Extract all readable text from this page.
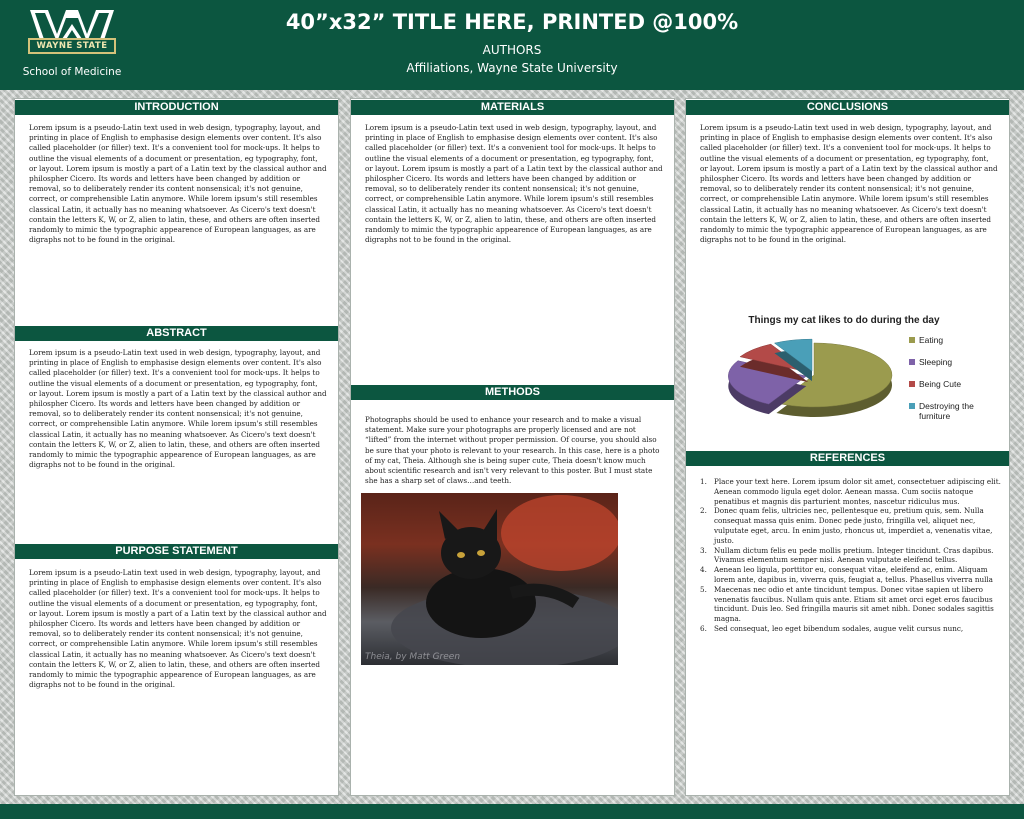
WAYNE STATE
School of Medicine
40”x32” TITLE HERE, PRINTED @100%
AUTHORS
Affiliations, Wayne State University
INTRODUCTION
Lorem ipsum is a pseudo-Latin text used in web design, typography, layout, and printing in place of English to emphasise design elements over content. It's also called placeholder (or filler) text. It's a convenient tool for mock-ups. It helps to outline the visual elements of a document or presentation, eg typography, font, or layout. Lorem ipsum is mostly a part of a Latin text by the classical author and philospher Cicero. Its words and letters have been changed by addition or removal, so to deliberately render its content nonsensical; it's not genuine, correct, or comprehensible Latin anymore. While lorem ipsum's still resembles classical Latin, it actually has no meaning whatsoever. As Cicero's text doesn't contain the letters K, W, or Z, alien to latin, these, and others are often inserted randomly to mimic the typographic appearence of European languages, as are digraphs not to be found in the original.
ABSTRACT
Lorem ipsum is a pseudo-Latin text used in web design, typography, layout, and printing in place of English to emphasise design elements over content. It's also called placeholder (or filler) text. It's a convenient tool for mock-ups. It helps to outline the visual elements of a document or presentation, eg typography, font, or layout. Lorem ipsum is mostly a part of a Latin text by the classical author and philospher Cicero. Its words and letters have been changed by addition or removal, so to deliberately render its content nonsensical; it's not genuine, correct, or comprehensible Latin anymore. While lorem ipsum's still resembles classical Latin, it actually has no meaning whatsoever. As Cicero's text doesn't contain the letters K, W, or Z, alien to latin, these, and others are often inserted randomly to mimic the typographic appearence of European languages, as are digraphs not to be found in the original.
PURPOSE STATEMENT
Lorem ipsum is a pseudo-Latin text used in web design, typography, layout, and printing in place of English to emphasise design elements over content. It's also called placeholder (or filler) text. It's a convenient tool for mock-ups. It helps to outline the visual elements of a document or presentation, eg typography, font, or layout. Lorem ipsum is mostly a part of a Latin text by the classical author and philospher Cicero. Its words and letters have been changed by addition or removal, so to deliberately render its content nonsensical; it's not genuine, correct, or comprehensible Latin anymore. While lorem ipsum's still resembles classical Latin, it actually has no meaning whatsoever. As Cicero's text doesn't contain the letters K, W, or Z, alien to latin, these, and others are often inserted randomly to mimic the typographic appearence of European languages, as are digraphs not to be found in the original.
MATERIALS
Lorem ipsum is a pseudo-Latin text used in web design, typography, layout, and printing in place of English to emphasise design elements over content. It's also called placeholder (or filler) text. It's a convenient tool for mock-ups. It helps to outline the visual elements of a document or presentation, eg typography, font, or layout. Lorem ipsum is mostly a part of a Latin text by the classical author and philospher Cicero. Its words and letters have been changed by addition or removal, so to deliberately render its content nonsensical; it's not genuine, correct, or comprehensible Latin anymore. While lorem ipsum's still resembles classical Latin, it actually has no meaning whatsoever. As Cicero's text doesn't contain the letters K, W, or Z, alien to latin, these, and others are often inserted randomly to mimic the typographic appearence of European languages, as are digraphs not to be found in the original.
METHODS
Photographs should be used to enhance your research and to make a visual statement. Make sure your photographs are properly licensed and are not “lifted” from the internet without proper permission. Of course, you should also be sure that your photo is relevant to your research. In this case, here is a photo of my cat, Theia. Although she is being super cute, Theia doesn't know much about scientific research and isn't very relevant to this poster. But I must state she has a sharp set of claws…and teeth.
Theia, by Matt Green
CONCLUSIONS
Lorem ipsum is a pseudo-Latin text used in web design, typography, layout, and printing in place of English to emphasise design elements over content. It's also called placeholder (or filler) text. It's a convenient tool for mock-ups. It helps to outline the visual elements of a document or presentation, eg typography, font, or layout. Lorem ipsum is mostly a part of a Latin text by the classical author and philospher Cicero. Its words and letters have been changed by addition or removal, so to deliberately render its content nonsensical; it's not genuine, correct, or comprehensible Latin anymore. While lorem ipsum's still resembles classical Latin, it actually has no meaning whatsoever. As Cicero's text doesn't contain the letters K, W, or Z, alien to latin, these, and others are often inserted randomly to mimic the typographic appearence of European languages, as are digraphs not to be found in the original.
Things my cat likes to do during the day
Eating
Sleeping
Being Cute
Destroying the furniture
REFERENCES
1. Place your text here. Lorem ipsum dolor sit amet, consectetuer adipiscing elit. Aenean commodo ligula eget dolor. Aenean massa. Cum sociis natoque penatibus et magnis dis parturient montes, nascetur ridiculus mus.
2. Donec quam felis, ultricies nec, pellentesque eu, pretium quis, sem. Nulla consequat massa quis enim. Donec pede justo, fringilla vel, aliquet nec, vulputate eget, arcu. In enim justo, rhoncus ut, imperdiet a, venenatis vitae, justo.
3. Nullam dictum felis eu pede mollis pretium. Integer tincidunt. Cras dapibus. Vivamus elementum semper nisi. Aenean vulputate eleifend tellus.
4. Aenean leo ligula, porttitor eu, consequat vitae, eleifend ac, enim. Aliquam lorem ante, dapibus in, viverra quis, feugiat a, tellus. Phasellus viverra nulla
5. Maecenas nec odio et ante tincidunt tempus. Donec vitae sapien ut libero venenatis faucibus. Nullam quis ante. Etiam sit amet orci eget eros faucibus tincidunt. Duis leo. Sed fringilla mauris sit amet nibh. Donec sodales sagittis magna.
6. Sed consequat, leo eget bibendum sodales, augue velit cursus nunc,
